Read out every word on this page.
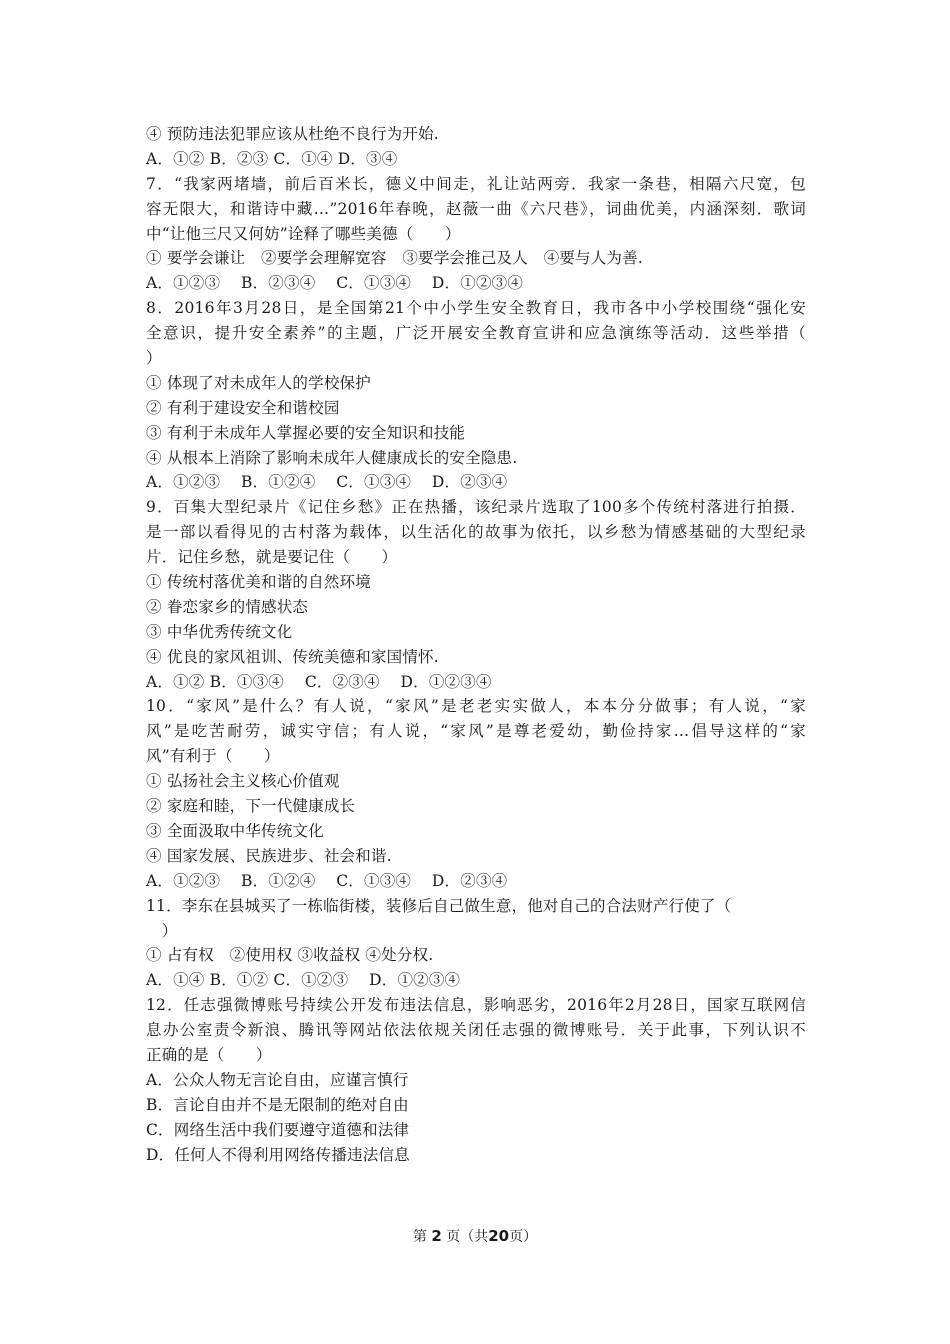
④ 预防违法犯罪应该从杜绝不良行为开始.
A．①② B．②③ C．①④ D．③④
7．“我家两堵墙，前后百米长，德义中间走，礼让站两旁．我家一条巷，相隔六尺宽，包
容无限大，和谐诗中藏…”2016年春晚，赵薇一曲《六尺巷》，词曲优美，内涵深刻．歌词
中“让他三尺又何妨”诠释了哪些美德（　　）
① 要学会谦让　②要学会理解宽容　③要学会推己及人　④要与人为善.
A．①②③　 B．②③④　 C．①③④　 D．①②③④
8．2016年3月28日，是全国第21个中小学生安全教育日，我市各中小学校围绕“强化安
全意识，提升安全素养”的主题，广泛开展安全教育宣讲和应急演练等活动．这些举措（
）
① 体现了对未成年人的学校保护
② 有利于建设安全和谐校园
③ 有利于未成年人掌握必要的安全知识和技能
④ 从根本上消除了影响未成年人健康成长的安全隐患.
A．①②③　 B．①②④　 C．①③④　 D．②③④
9．百集大型纪录片《记住乡愁》正在热播，该纪录片选取了100多个传统村落进行拍摄．
是一部以看得见的古村落为载体，以生活化的故事为依托，以乡愁为情感基础的大型纪录
片．记住乡愁，就是要记住（　　）
① 传统村落优美和谐的自然环境
② 眷恋家乡的情感状态
③ 中华优秀传统文化
④ 优良的家风祖训、传统美德和家国情怀.
A．①② B．①③④　 C．②③④　 D．①②③④
10．“家风”是什么？有人说，“家风”是老老实实做人，本本分分做事；有人说，“家
风”是吃苦耐劳，诚实守信；有人说，“家风”是尊老爱幼，勤俭持家…倡导这样的“家
风”有利于（　　）
① 弘扬社会主义核心价值观
② 家庭和睦，下一代健康成长
③ 全面汲取中华传统文化
④ 国家发展、民族进步、社会和谐.
A．①②③　 B．①②④　 C．①③④　 D．②③④
11．李东在县城买了一栋临街楼，装修后自己做生意，他对自己的合法财产行使了（
　）
① 占有权　②使用权 ③收益权 ④处分权.
A．①④ B．①② C．①②③　 D．①②③④
12．任志强微博账号持续公开发布违法信息，影响恶劣，2016年2月28日，国家互联网信
息办公室责令新浪、腾讯等网站依法依规关闭任志强的微博账号．关于此事，下列认识不
正确的是（　　）
A．公众人物无言论自由，应谨言慎行
B．言论自由并不是无限制的绝对自由
C．网络生活中我们要遵守道德和法律
D．任何人不得利用网络传播违法信息
第 2 页（共20页）
